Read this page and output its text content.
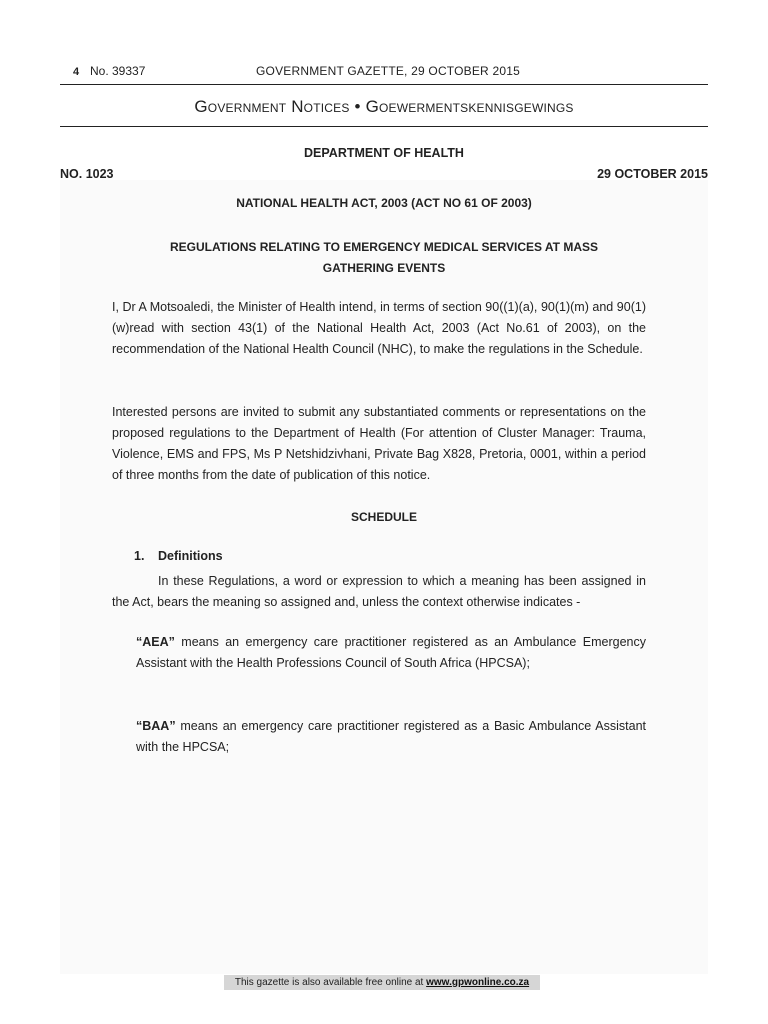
4 No. 39337	GOVERNMENT GAZETTE, 29 OCTOBER 2015
Government Notices • Goewermentskennisgewings
DEPARTMENT OF HEALTH
NO. 1023	29 OCTOBER 2015
NATIONAL HEALTH ACT, 2003 (ACT NO 61 OF 2003)
REGULATIONS RELATING TO EMERGENCY MEDICAL SERVICES AT MASS GATHERING EVENTS
I, Dr A Motsoaledi, the Minister of Health intend, in terms of section 90((1)(a), 90(1)(m) and 90(1)(w)read with section 43(1) of the National Health Act, 2003 (Act No.61 of 2003), on the recommendation of the National Health Council (NHC), to make the regulations in the Schedule.
Interested persons are invited to submit any substantiated comments or representations on the proposed regulations to the Department of Health (For attention of Cluster Manager: Trauma, Violence, EMS and FPS, Ms P Netshidzivhani, Private Bag X828, Pretoria, 0001, within a period of three months from the date of publication of this notice.
SCHEDULE
1. Definitions
In these Regulations, a word or expression to which a meaning has been assigned in the Act, bears the meaning so assigned and, unless the context otherwise indicates -
“AEA” means an emergency care practitioner registered as an Ambulance Emergency Assistant with the Health Professions Council of South Africa (HPCSA);
“BAA” means an emergency care practitioner registered as a Basic Ambulance Assistant with the HPCSA;
This gazette is also available free online at www.gpwonline.co.za
